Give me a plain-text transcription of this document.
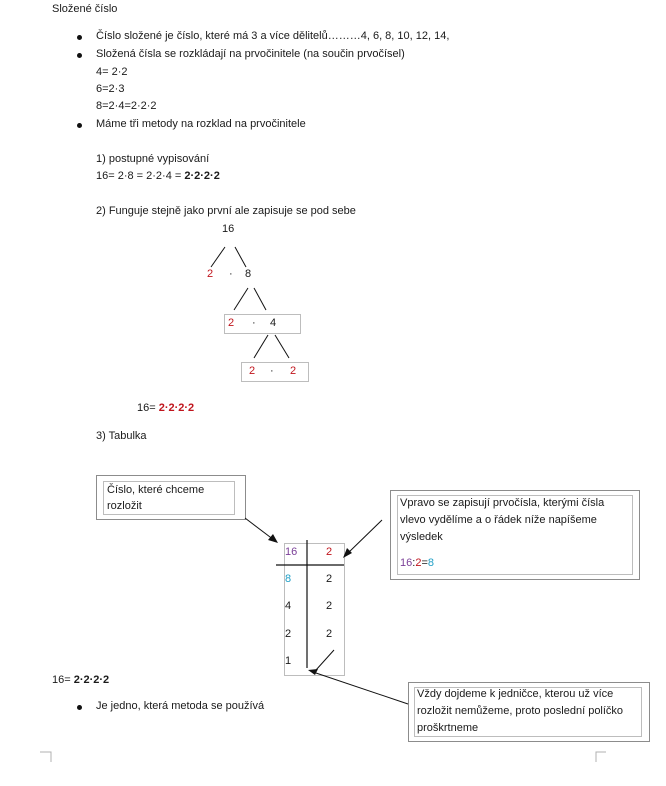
Složené číslo
Číslo složené je číslo, které má 3 a více dělitelů………4, 6, 8, 10, 12, 14,
Složená čísla se rozkládají na prvočinitele (na součin prvočísel)
4= 2·2
6=2·3
8=2·4=2·2·2
Máme tři metody na rozklad na prvočinitele
1) postupné vypisování
16= 2·8 = 2·2·4 = 2·2·2·2
2) Funguje stejně jako první ale zapisuje se pod sebe
16
2 · 8
2 · 4
2 · 2
16= 2·2·2·2
3) Tabulka
Číslo, které chceme rozložit	Vpravo se zapisují prvočísla, kterými čísla vlevo vydělíme a o řádek níže napíšeme výsledek
16:2=8
Vždy dojdeme k jedničce, kterou už více rozložit nemůžeme, proto poslední políčko proškrtneme
16
8
4
2
1
2
2
2
2
16= 2·2·2·2
Je jedno, která metoda se používá
